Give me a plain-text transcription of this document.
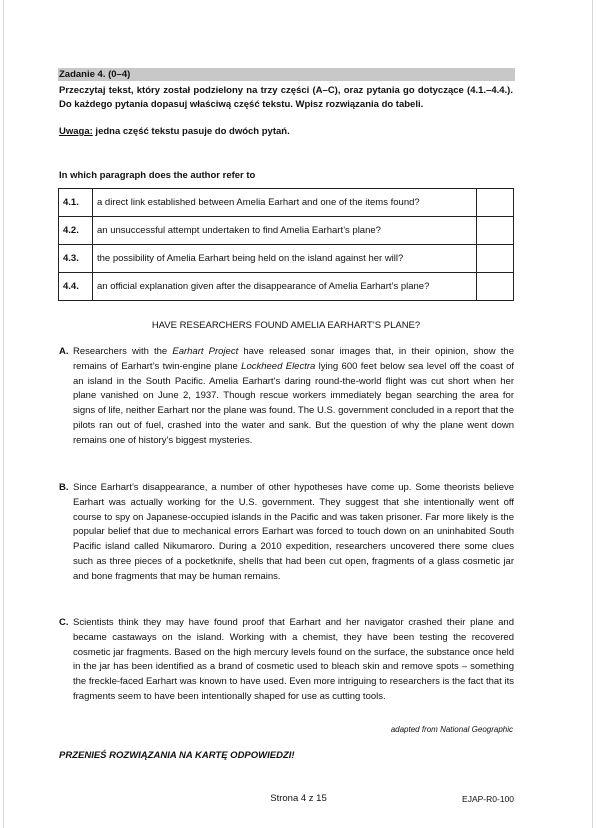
Zadanie 4. (0–4)
Przeczytaj tekst, który został podzielony na trzy części (A–C), oraz pytania go dotyczące (4.1.–4.4.). Do każdego pytania dopasuj właściwą część tekstu. Wpisz rozwiązania do tabeli.
Uwaga: jedna część tekstu pasuje do dwóch pytań.
In which paragraph does the author refer to
4.1.	a direct link established between Amelia Earhart and one of the items found?	
4.2.	an unsuccessful attempt undertaken to find Amelia Earhart’s plane?	
4.3.	the possibility of Amelia Earhart being held on the island against her will?	
4.4.	an official explanation given after the disappearance of Amelia Earhart’s plane?	
HAVE RESEARCHERS FOUND AMELIA EARHART’S PLANE?
A. Researchers with the Earhart Project have released sonar images that, in their opinion, show the remains of Earhart’s twin-engine plane Lockheed Electra lying 600 feet below sea level off the coast of an island in the South Pacific. Amelia Earhart’s daring round-the-world flight was cut short when her plane vanished on June 2, 1937. Though rescue workers immediately began searching the area for signs of life, neither Earhart nor the plane was found. The U.S. government concluded in a report that the pilots ran out of fuel, crashed into the water and sank. But the question of why the plane went down remains one of history’s biggest mysteries.
B. Since Earhart’s disappearance, a number of other hypotheses have come up. Some theorists believe Earhart was actually working for the U.S. government. They suggest that she intentionally went off course to spy on Japanese-occupied islands in the Pacific and was taken prisoner. Far more likely is the popular belief that due to mechanical errors Earhart was forced to touch down on an uninhabited South Pacific island called Nikumaroro. During a 2010 expedition, researchers uncovered there some clues such as three pieces of a pocketknife, shells that had been cut open, fragments of a glass cosmetic jar and bone fragments that may be human remains.
C. Scientists think they may have found proof that Earhart and her navigator crashed their plane and became castaways on the island. Working with a chemist, they have been testing the recovered cosmetic jar fragments. Based on the high mercury levels found on the surface, the substance once held in the jar has been identified as a brand of cosmetic used to bleach skin and remove spots – something the freckle-faced Earhart was known to have used. Even more intriguing to researchers is the fact that its fragments seem to have been intentionally shaped for use as cutting tools.
adapted from National Geographic
PRZENIEŚ ROZWIĄZANIA NA KARTĘ ODPOWIEDZI!
Strona 4 z 15	EJAP-R0-100
